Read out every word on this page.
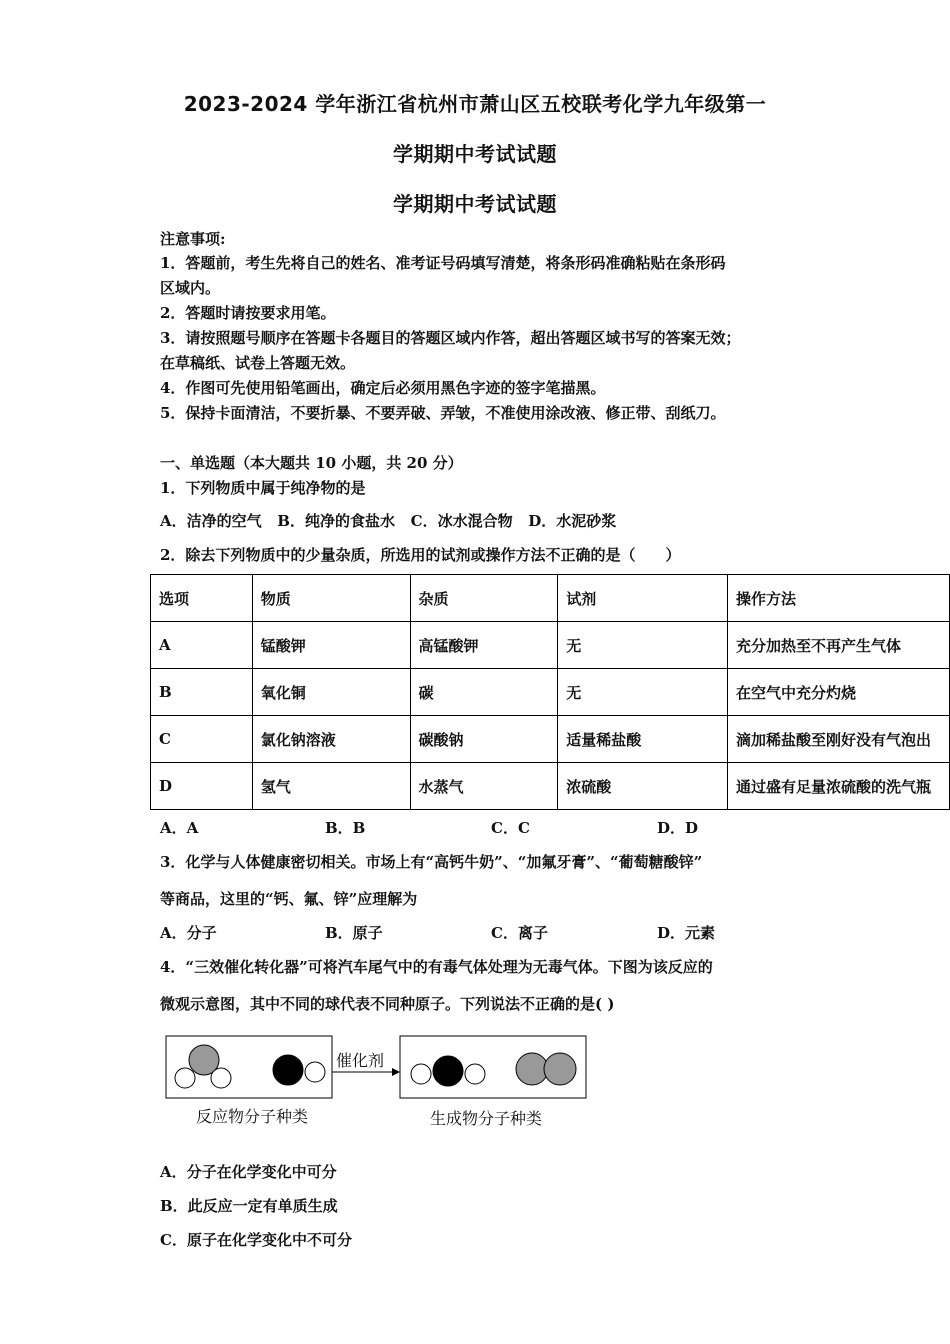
2023-2024 学年浙江省杭州市萧山区五校联考化学九年级第一
学期期中考试试题
学期期中考试试题
注意事项:
1．答题前，考生先将自己的姓名、准考证号码填写清楚，将条形码准确粘贴在条形码
区域内。
2．答题时请按要求用笔。
3．请按照题号顺序在答题卡各题目的答题区域内作答，超出答题区域书写的答案无效；
在草稿纸、试卷上答题无效。
4．作图可先使用铅笔画出，确定后必须用黑色字迹的签字笔描黑。
5．保持卡面清洁，不要折暴、不要弄破、弄皱，不准使用涂改液、修正带、刮纸刀。
一、单选题（本大题共 10 小题，共 20 分）
1．下列物质中属于纯净物的是
A．洁净的空气   B．纯净的食盐水   C．冰水混合物   D．水泥砂浆
2．除去下列物质中的少量杂质，所选用的试剂或操作方法不正确的是（　　）
选项	物质	杂质	试剂	操作方法
A	锰酸钾	高锰酸钾	无	充分加热至不再产生气体
B	氧化铜	碳	无	在空气中充分灼烧
C	氯化钠溶液	碳酸钠	适量稀盐酸	滴加稀盐酸至刚好没有气泡出
D	氢气	水蒸气	浓硫酸	通过盛有足量浓硫酸的洗气瓶
A．A	B．B	C．C	D．D
3．化学与人体健康密切相关。市场上有“高钙牛奶”、“加氟牙膏”、“葡萄糖酸锌”
等商品，这里的“钙、氟、锌”应理解为
A．分子	B．原子	C．离子	D．元素
4．“三效催化转化器”可将汽车尾气中的有毒气体处理为无毒气体。下图为该反应的
微观示意图，其中不同的球代表不同种原子。下列说法不正确的是( )
催化剂
反应物分子种类	生成物分子种类
A．分子在化学变化中可分
B．此反应一定有单质生成
C．原子在化学变化中不可分
